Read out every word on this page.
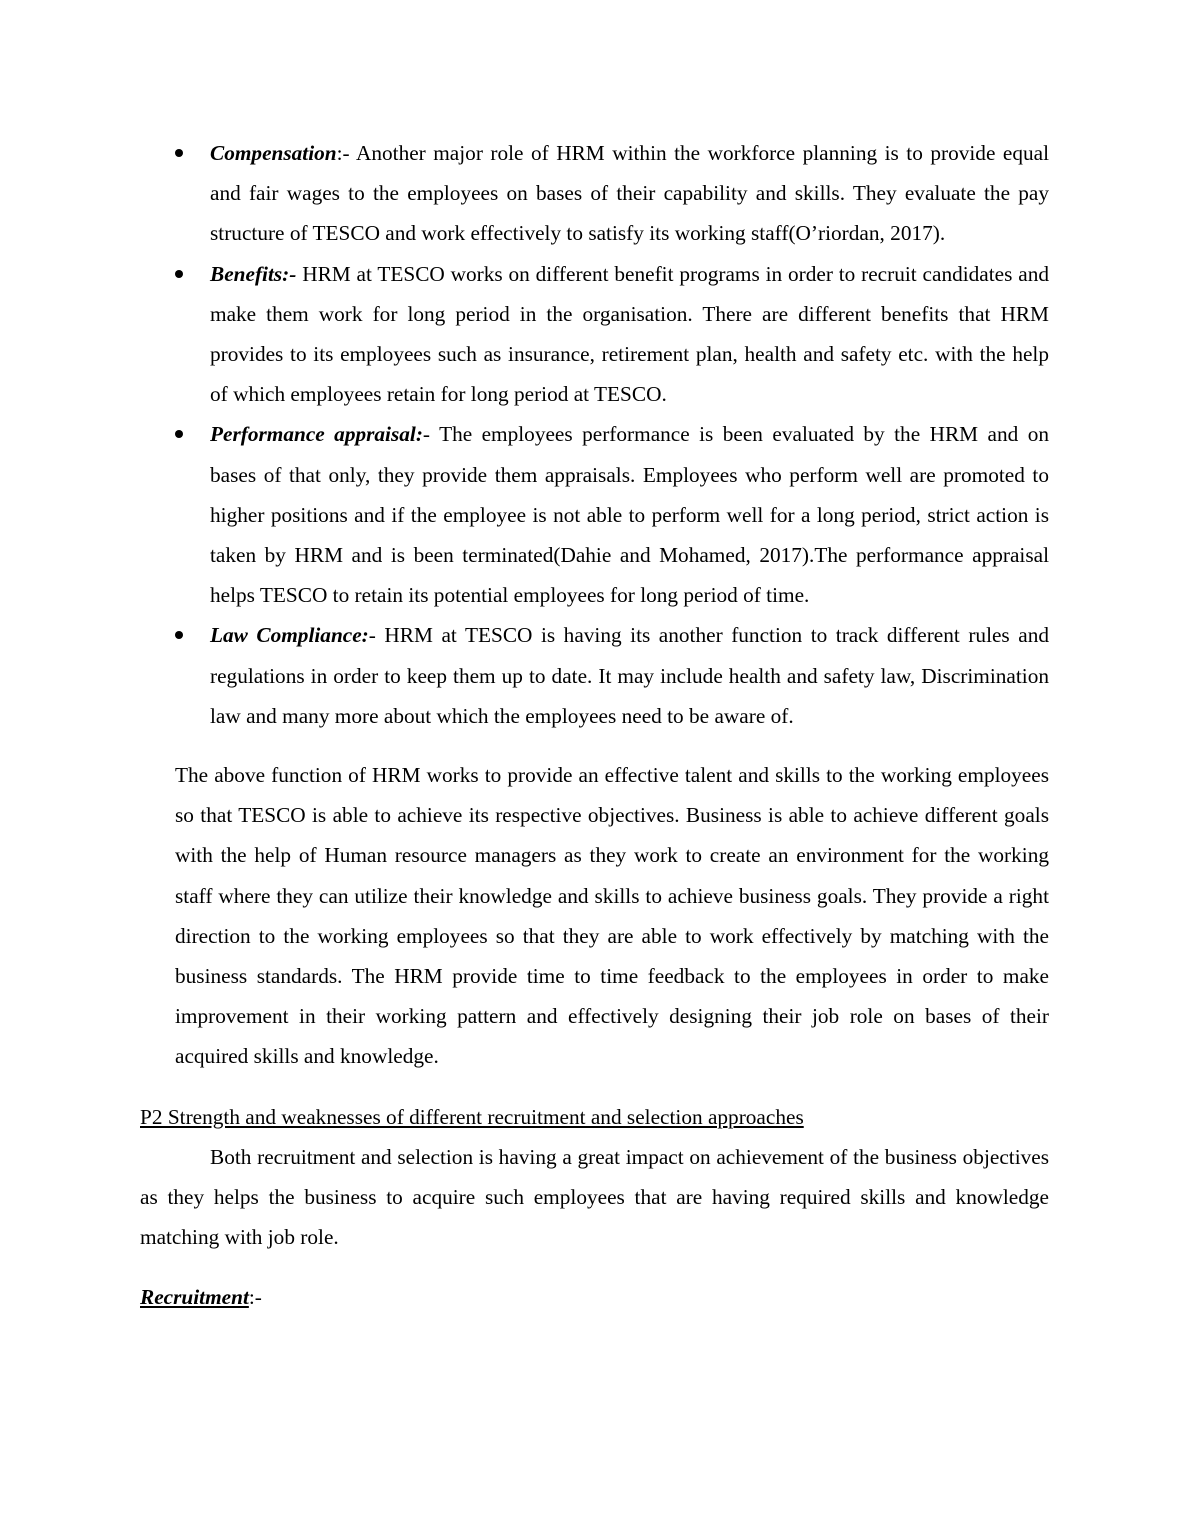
Compensation:- Another major role of HRM within the workforce planning is to provide equal and fair wages to the employees on bases of their capability and skills. They evaluate the pay structure of TESCO and work effectively to satisfy its working staff(O’riordan, 2017).
Benefits:- HRM at TESCO works on different benefit programs in order to recruit candidates and make them work for long period in the organisation. There are different benefits that HRM provides to its employees such as insurance, retirement plan, health and safety etc. with the help of which employees retain for long period at TESCO.
Performance appraisal:- The employees performance is been evaluated by the HRM and on bases of that only, they provide them appraisals. Employees who perform well are promoted to higher positions and if the employee is not able to perform well for a long period, strict action is taken by HRM and is been terminated(Dahie and Mohamed, 2017).The performance appraisal helps TESCO to retain its potential employees for long period of time.
Law Compliance:- HRM at TESCO is having its another function to track different rules and regulations in order to keep them up to date. It may include health and safety law, Discrimination law and many more about which the employees need to be aware of.

The above function of HRM works to provide an effective talent and skills to the working employees so that TESCO is able to achieve its respective objectives. Business is able to achieve different goals with the help of Human resource managers as they work to create an environment for the working staff where they can utilize their knowledge and skills to achieve business goals. They provide a right direction to the working employees so that they are able to work effectively by matching with the business standards. The HRM provide time to time feedback to the employees in order to make improvement in their working pattern and effectively designing their job role on bases of their acquired skills and knowledge.

P2 Strength and weaknesses of different recruitment and selection approaches

Both recruitment and selection is having a great impact on achievement of the business objectives as they helps the business to acquire such employees that are having required skills and knowledge matching with job role.

Recruitment:-
